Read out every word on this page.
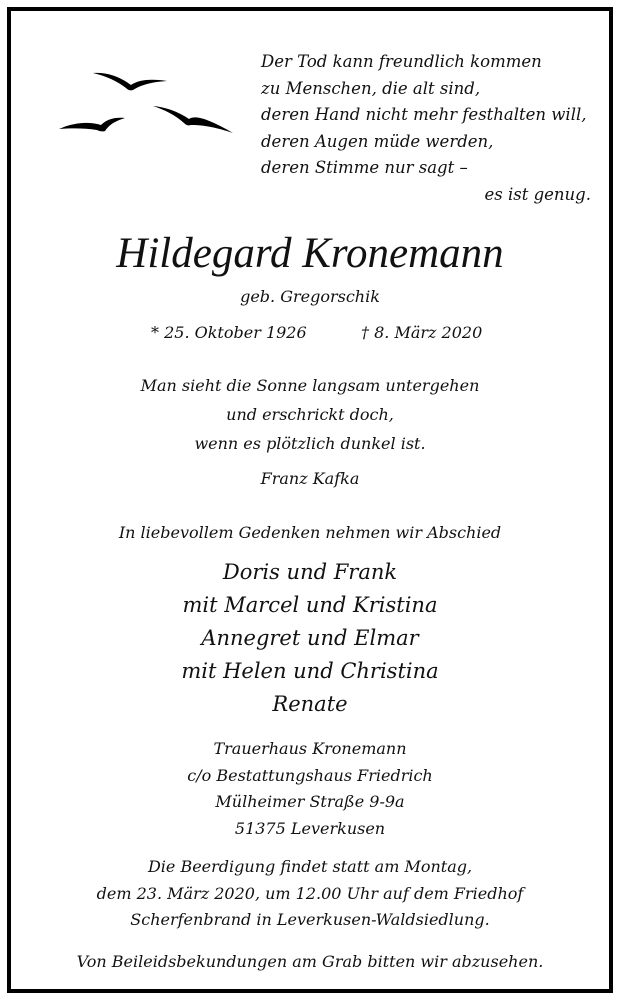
Der Tod kann freundlich kommen
zu Menschen, die alt sind,
deren Hand nicht mehr festhalten will,
deren Augen müde werden,
deren Stimme nur sagt –
es ist genug.
Hildegard Kronemann
geb. Gregorschik
* 25. Oktober 1926	† 8. März 2020
Man sieht die Sonne langsam untergehen
und erschrickt doch,
wenn es plötzlich dunkel ist.
Franz Kafka
In liebevollem Gedenken nehmen wir Abschied
Doris und Frank
mit Marcel und Kristina
Annegret und Elmar
mit Helen und Christina
Renate
Trauerhaus Kronemann
c/o Bestattungshaus Friedrich
Mülheimer Straße 9-9a
51375 Leverkusen
Die Beerdigung findet statt am Montag,
dem 23. März 2020, um 12.00 Uhr auf dem Friedhof
Scherfenbrand in Leverkusen-Waldsiedlung.
Von Beileidsbekundungen am Grab bitten wir abzusehen.
